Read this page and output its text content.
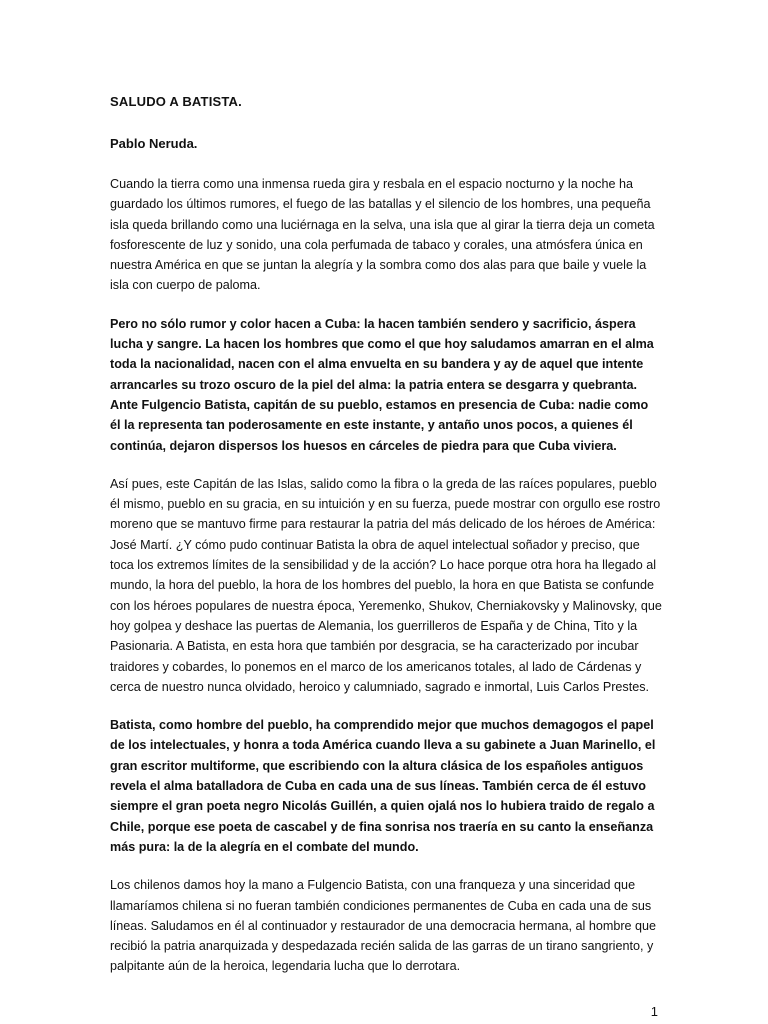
SALUDO A BATISTA.
Pablo Neruda.

Cuando la tierra como una inmensa rueda gira y resbala en el espacio nocturno y la noche ha guardado los últimos rumores, el fuego de las batallas y el silencio de los hombres, una pequeña isla queda brillando como una luciérnaga en la selva, una isla que al girar la tierra deja un cometa fosforescente de luz y sonido, una cola perfumada de tabaco y corales, una atmósfera única en nuestra América en que se juntan la alegría y la sombra como dos alas para que baile y vuele la isla con cuerpo de paloma.

Pero no sólo rumor y color hacen a Cuba: la hacen también sendero y sacrificio, áspera lucha y sangre. La hacen los hombres que como el que hoy saludamos amarran en el alma toda la nacionalidad, nacen con el alma envuelta en su bandera y ay de aquel que intente arrancarles su trozo oscuro de la piel del alma: la patria entera se desgarra y quebranta. Ante Fulgencio Batista, capitán de su pueblo, estamos en presencia de Cuba: nadie como él la representa tan poderosamente en este instante, y antaño unos pocos, a quienes él continúa, dejaron dispersos los huesos en cárceles de piedra para que Cuba viviera.

Así pues, este Capitán de las Islas, salido como la fibra o la greda de las raíces populares, pueblo él mismo, pueblo en su gracia, en su intuición y en su fuerza, puede mostrar con orgullo ese rostro moreno que se mantuvo firme para restaurar la patria del más delicado de los héroes de América: José Martí. ¿Y cómo pudo continuar Batista la obra de aquel intelectual soñador y preciso, que toca los extremos límites de la sensibilidad y de la acción? Lo hace porque otra hora ha llegado al mundo, la hora del pueblo, la hora de los hombres del pueblo, la hora en que Batista se confunde con los héroes populares de nuestra época, Yeremenko, Shukov, Cherniakovsky y Malinovsky, que hoy golpea y deshace las puertas de Alemania, los guerrilleros de España y de China, Tito y la Pasionaria. A Batista, en esta hora que también por desgracia, se ha caracterizado por incubar traidores y cobardes, lo ponemos en el marco de los americanos totales, al lado de Cárdenas y cerca de nuestro nunca olvidado, heroico y calumniado, sagrado e inmortal, Luis Carlos Prestes.

Batista, como hombre del pueblo, ha comprendido mejor que muchos demagogos el papel de los intelectuales, y honra a toda América cuando lleva a su gabinete a Juan Marinello, el gran escritor multiforme, que escribiendo con la altura clásica de los españoles antiguos revela el alma batalladora de Cuba en cada una de sus líneas. También cerca de él estuvo siempre el gran poeta negro Nicolás Guillén, a quien ojalá nos lo hubiera traido de regalo a Chile, porque ese poeta de cascabel y de fina sonrisa nos traería en su canto la enseñanza más pura: la de la alegría en el combate del mundo.

Los chilenos damos hoy la mano a Fulgencio Batista, con una franqueza y una sinceridad que llamaríamos chilena si no fueran también condiciones permanentes de Cuba en cada una de sus líneas. Saludamos en él al continuador y restaurador de una democracia hermana, al hombre que recibió la patria anarquizada y despedazada recién salida de las garras de un tirano sangriento, y palpitante aún de la heroica, legendaria lucha que lo derrotara.

1
